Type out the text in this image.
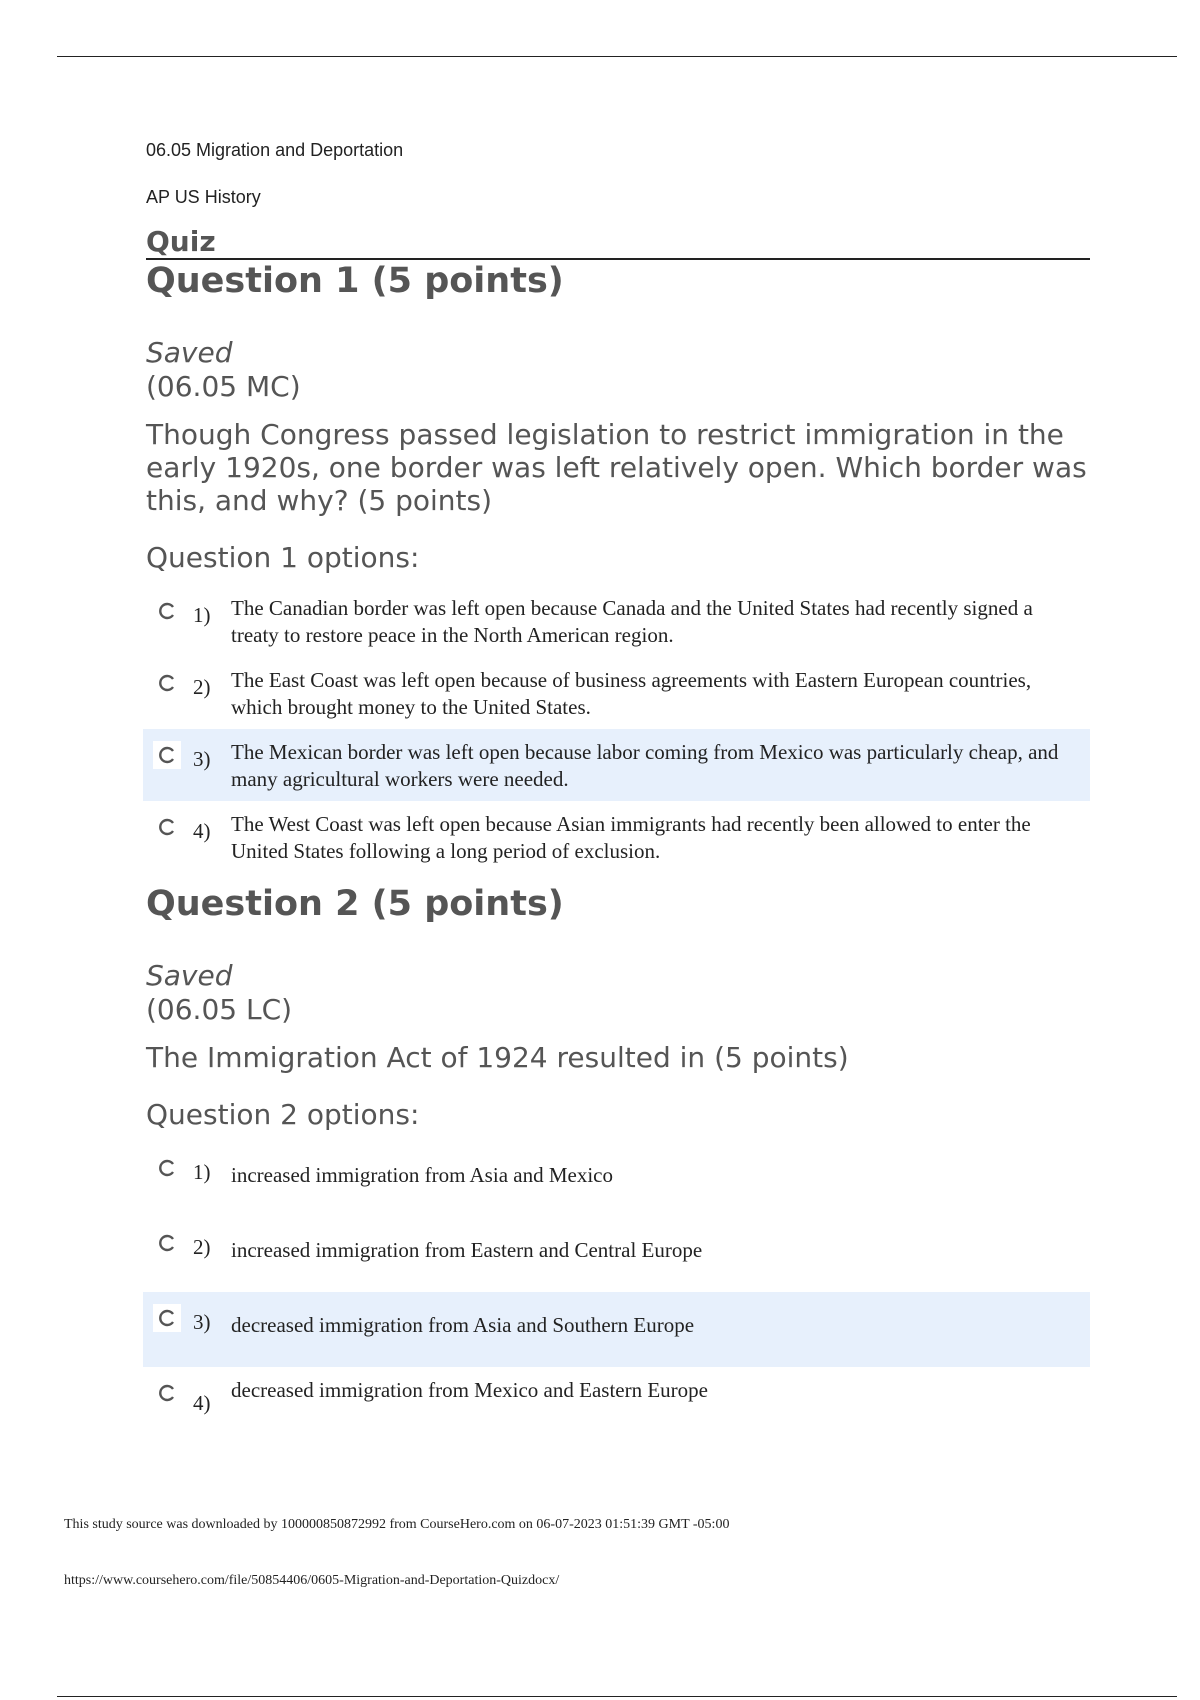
06.05 Migration and Deportation

AP US History

Quiz
Question 1 (5 points)

Saved

(06.05 MC)

Though Congress passed legislation to restrict immigration in the early 1920s, one border was left relatively open. Which border was this, and why? (5 points)

Question 1 options:

1) The Canadian border was left open because Canada and the United States had recently signed a treaty to restore peace in the North American region.
2) The East Coast was left open because of business agreements with Eastern European countries, which brought money to the United States.
3) The Mexican border was left open because labor coming from Mexico was particularly cheap, and many agricultural workers were needed.
4) The West Coast was left open because Asian immigrants had recently been allowed to enter the United States following a long period of exclusion.
Question 2 (5 points)

Saved

(06.05 LC)

The Immigration Act of 1924 resulted in (5 points)

Question 2 options:

1) increased immigration from Asia and Mexico
2) increased immigration from Eastern and Central Europe
3) decreased immigration from Asia and Southern Europe
4)
decreased immigration from Mexico and Eastern Europe
This study source was downloaded by 100000850872992 from CourseHero.com on 06-07-2023 01:51:39 GMT -05:00
https://www.coursehero.com/file/50854406/0605-Migration-and-Deportation-Quizdocx/
